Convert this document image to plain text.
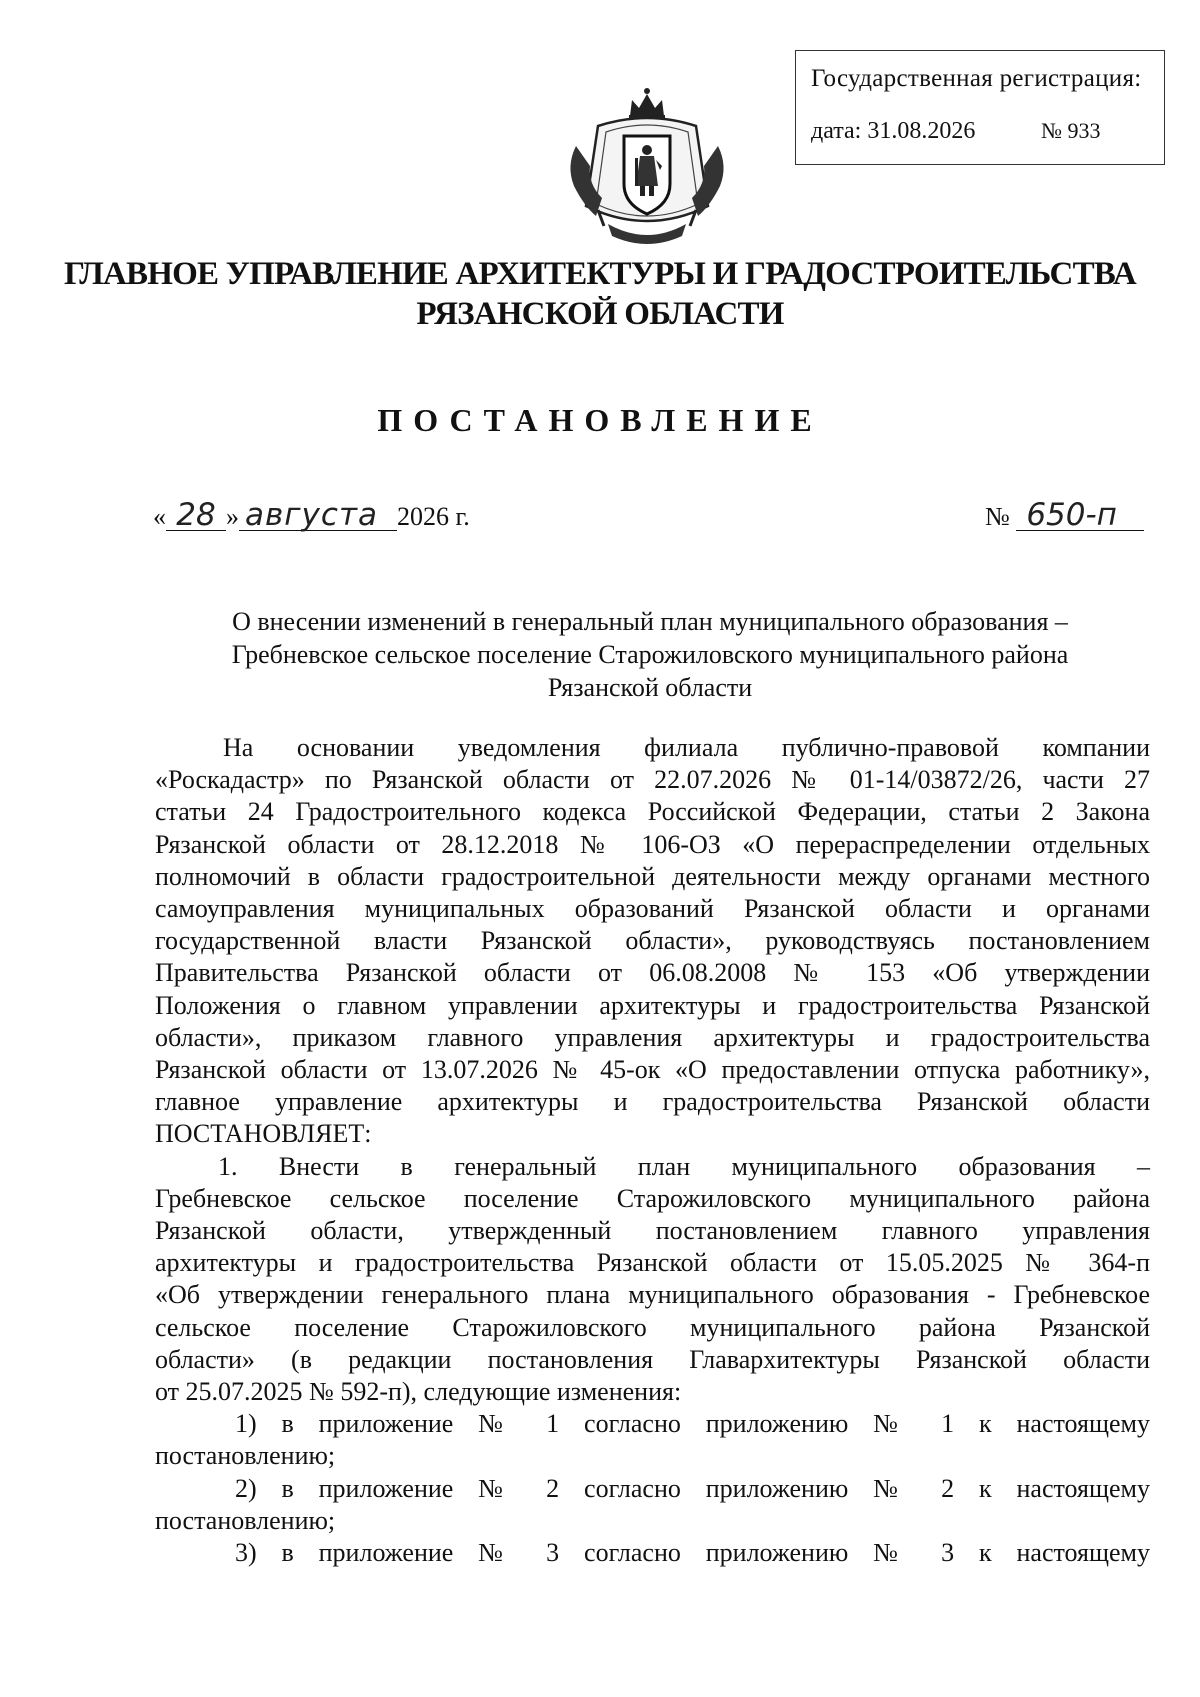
Государственная регистрация:
дата: 31.08.2026	№ 933
ГЛАВНОЕ УПРАВЛЕНИЕ АРХИТЕКТУРЫ И ГРАДОСТРОИТЕЛЬСТВА
РЯЗАНСКОЙ ОБЛАСТИ
ПОСТАНОВЛЕНИЕ
« 28 » августа 2026 г.	№ 650-п
О внесении изменений в генеральный план муниципального образования –
Гребневское сельское поселение Старожиловского муниципального района
Рязанской области
На основании уведомления филиала публично-правовой компании
«Роскадастр» по Рязанской области от 22.07.2026 № 01-14/03872/26, части 27
статьи 24 Градостроительного кодекса Российской Федерации, статьи 2 Закона
Рязанской области от 28.12.2018 № 106-ОЗ «О перераспределении отдельных
полномочий в области градостроительной деятельности между органами местного
самоуправления муниципальных образований Рязанской области и органами
государственной власти Рязанской области», руководствуясь постановлением
Правительства Рязанской области от 06.08.2008 № 153 «Об утверждении
Положения о главном управлении архитектуры и градостроительства Рязанской
области», приказом главного управления архитектуры и градостроительства
Рязанской области от 13.07.2026 № 45-ок «О предоставлении отпуска работнику»,
главное управление архитектуры и градостроительства Рязанской области
ПОСТАНОВЛЯЕТ:
1. Внести в генеральный план муниципального образования –
Гребневское сельское поселение Старожиловского муниципального района
Рязанской области, утвержденный постановлением главного управления
архитектуры и градостроительства Рязанской области от 15.05.2025 № 364-п
«Об утверждении генерального плана муниципального образования - Гребневское
сельское поселение Старожиловского муниципального района Рязанской
области» (в редакции постановления Главархитектуры Рязанской области
от 25.07.2025 № 592-п), следующие изменения:
1) в приложение № 1 согласно приложению № 1 к настоящему
постановлению;
2) в приложение № 2 согласно приложению № 2 к настоящему
постановлению;
3) в приложение № 3 согласно приложению № 3 к настоящему
